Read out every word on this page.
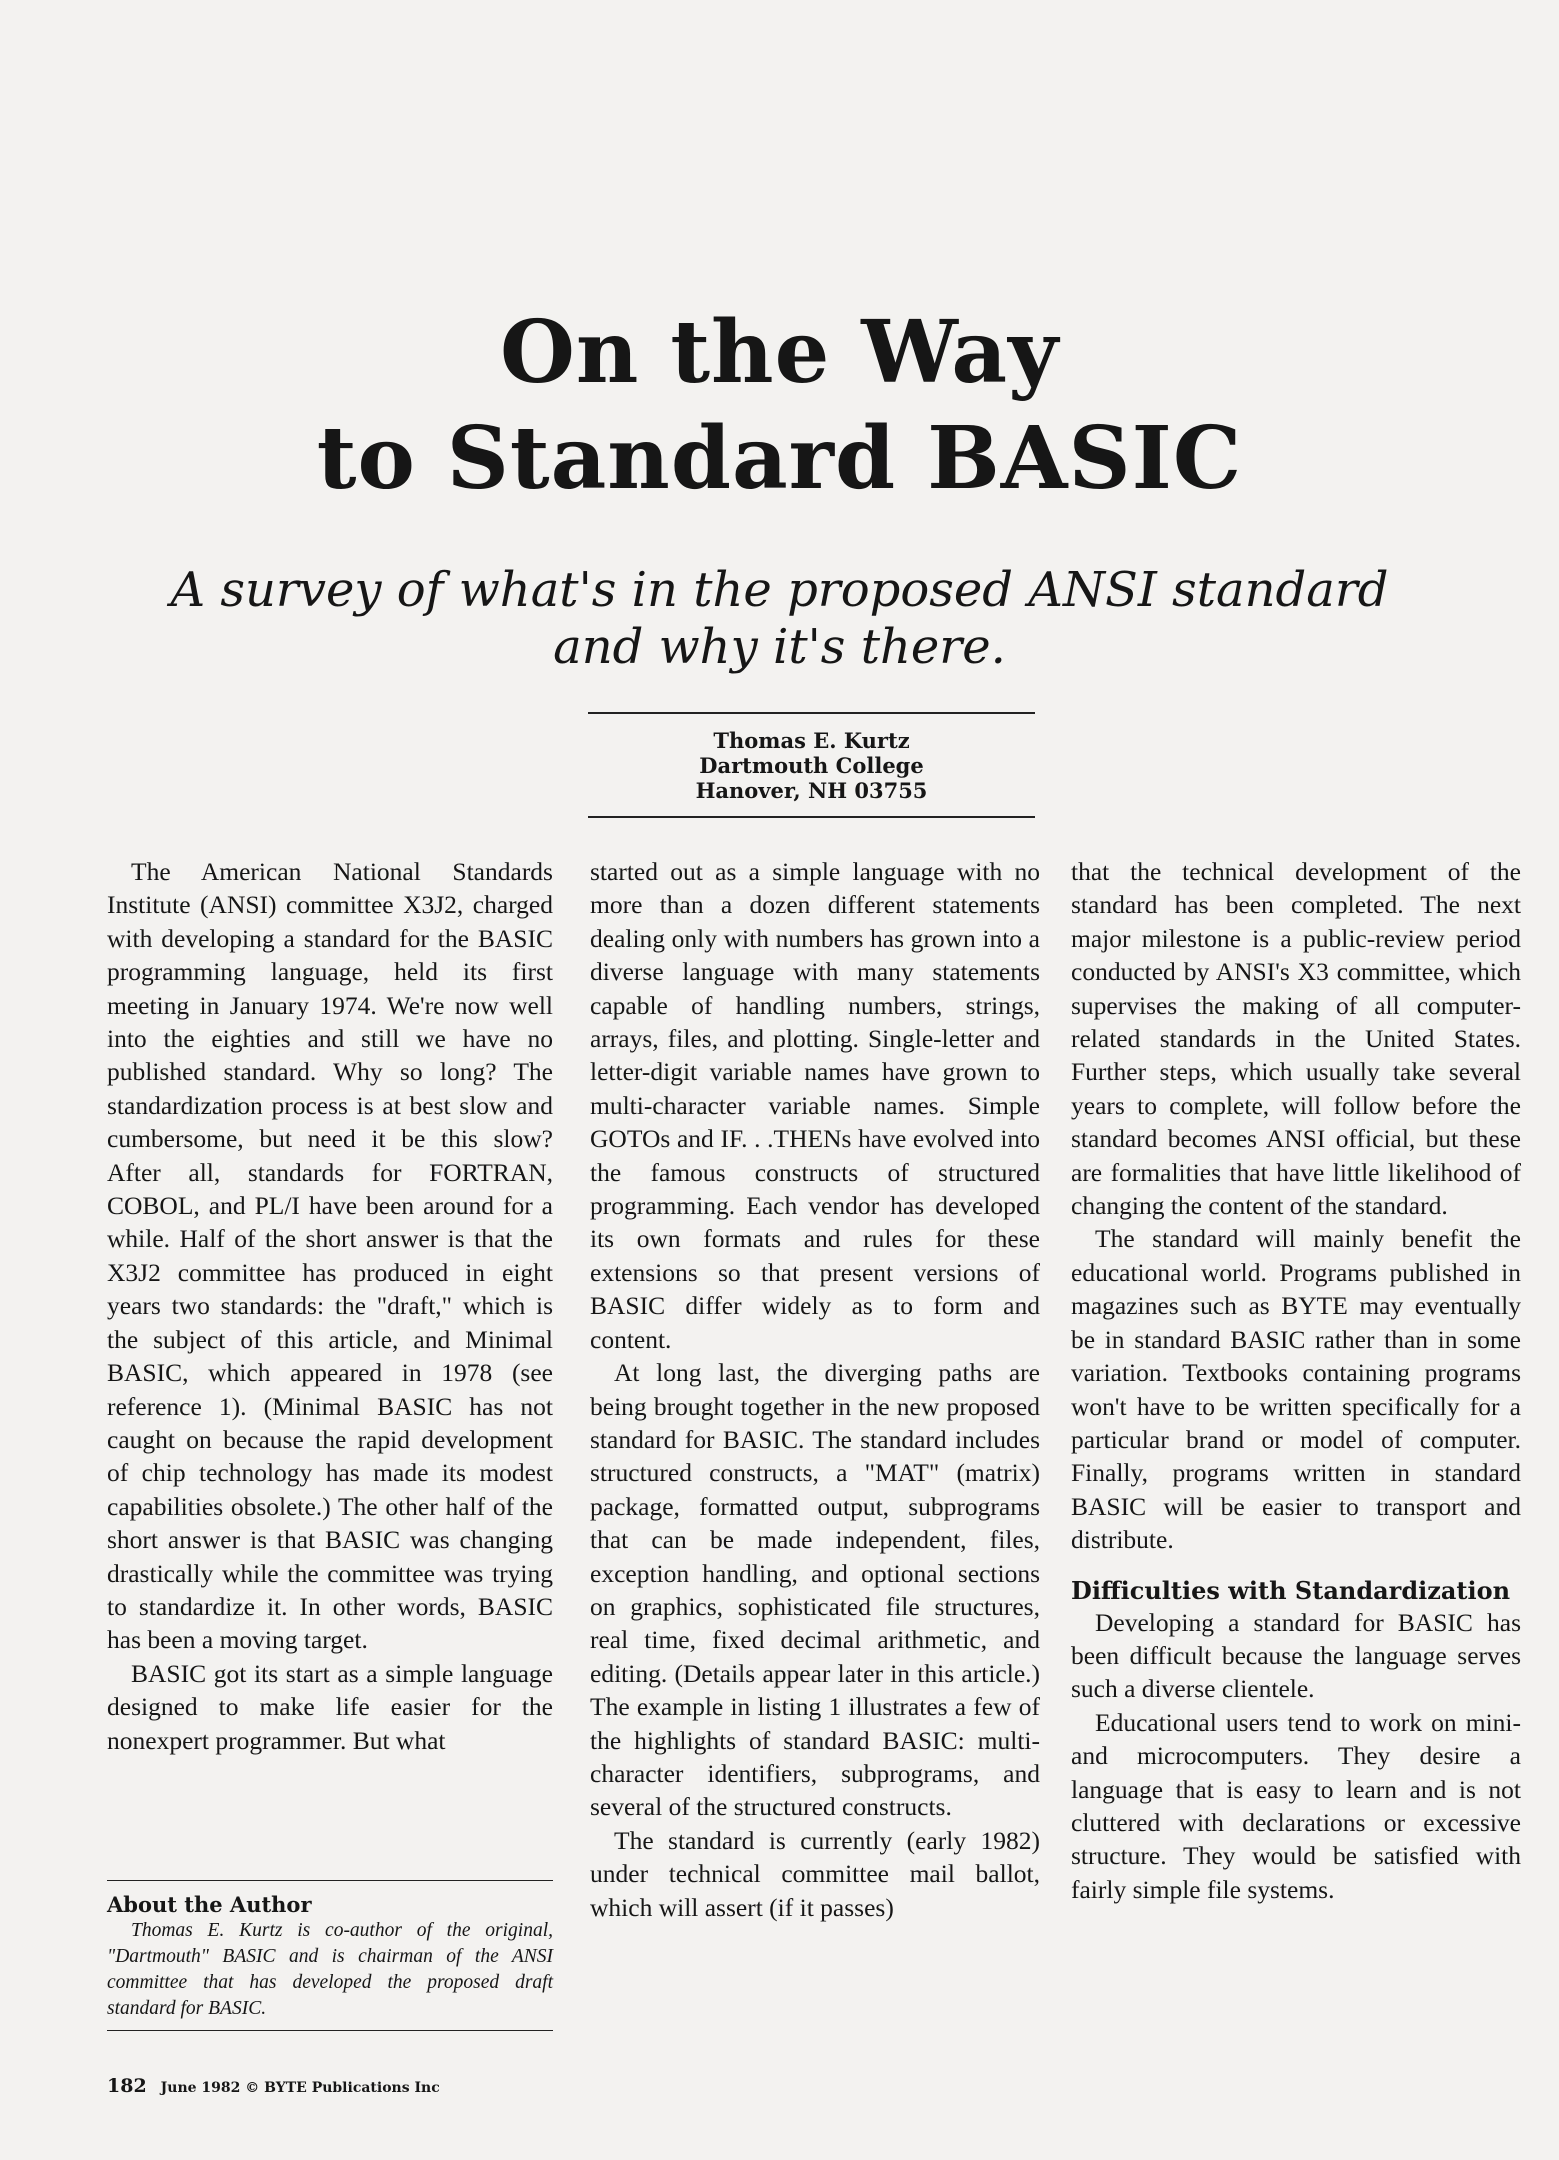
On the Way
to Standard BASIC
A survey of what's in the proposed ANSI standard
and why it's there.
Thomas E. Kurtz
Dartmouth College
Hanover, NH 03755

The American National Standards Institute (ANSI) committee X3J2, charged with developing a standard for the BASIC programming language, held its first meeting in January 1974. We're now well into the eighties and still we have no published standard. Why so long? The standardization process is at best slow and cumbersome, but need it be this slow? After all, standards for FORTRAN, COBOL, and PL/I have been around for a while. Half of the short answer is that the X3J2 committee has produced in eight years two standards: the "draft," which is the subject of this article, and Minimal BASIC, which appeared in 1978 (see reference 1). (Minimal BASIC has not caught on because the rapid development of chip technology has made its modest capabilities obsolete.) The other half of the short answer is that BASIC was changing drastically while the committee was trying to standardize it. In other words, BASIC has been a moving target.

BASIC got its start as a simple language designed to make life easier for the nonexpert programmer. But what

started out as a simple language with no more than a dozen different statements dealing only with numbers has grown into a diverse language with many statements capable of handling numbers, strings, arrays, files, and plotting. Single-letter and letter-digit variable names have grown to multi-character variable names. Simple GOTOs and IF. . .THENs have evolved into the famous constructs of structured programming. Each vendor has developed its own formats and rules for these extensions so that present versions of BASIC differ widely as to form and content.

At long last, the diverging paths are being brought together in the new proposed standard for BASIC. The standard includes structured constructs, a "MAT" (matrix) package, formatted output, subprograms that can be made independent, files, exception handling, and optional sections on graphics, sophisticated file structures, real time, fixed decimal arithmetic, and editing. (Details appear later in this article.) The example in listing 1 illustrates a few of the highlights of standard BASIC: multi-character identifiers, subprograms, and several of the structured constructs.

The standard is currently (early 1982) under technical committee mail ballot, which will assert (if it passes)

that the technical development of the standard has been completed. The next major milestone is a public-review period conducted by ANSI's X3 committee, which supervises the making of all computer-related standards in the United States. Further steps, which usually take several years to complete, will follow before the standard becomes ANSI official, but these are formalities that have little likelihood of changing the content of the standard.

The standard will mainly benefit the educational world. Programs published in magazines such as BYTE may eventually be in standard BASIC rather than in some variation. Textbooks containing programs won't have to be written specifically for a particular brand or model of computer. Finally, programs written in standard BASIC will be easier to transport and distribute.

Difficulties with Standardization

Developing a standard for BASIC has been difficult because the language serves such a diverse clientele.

Educational users tend to work on mini- and microcomputers. They desire a language that is easy to learn and is not cluttered with declarations or excessive structure. They would be satisfied with fairly simple file systems.

About the Author

Thomas E. Kurtz is co-author of the original, "Dartmouth" BASIC and is chairman of the ANSI committee that has developed the proposed draft standard for BASIC.

182 June 1982 © BYTE Publications Inc
